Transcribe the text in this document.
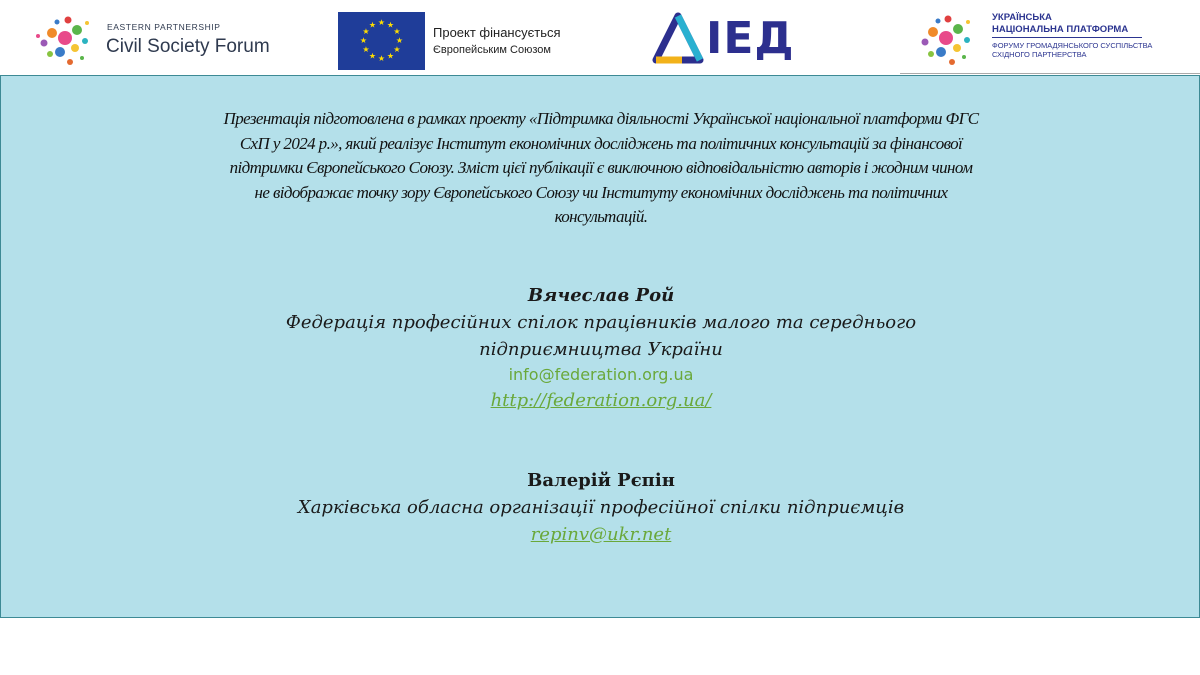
EASTERN PARTNERSHIP
Civil Society Forum
★ ★
★
★
★
★
★
★
★
★
★
★	Проект фінансується
Європейським Союзом	ІЕД	УКРАЇНСЬКА
НАЦІОНАЛЬНА ПЛАТФОРМА
ФОРУМУ ГРОМАДЯНСЬКОГО СУСПІЛЬСТВА
СХІДНОГО ПАРТНЕРСТВА
Презентація підготовлена в рамках проекту «Підтримка діяльності Української національної платформи ФГС СхП у 2024 р.», який реалізує Інститут економічних досліджень та політичних консультацій за фінансової підтримки Європейського Союзу. Зміст цієї публікації є виключною відповідальністю авторів і жодним чином не відображає точку зору Європейського Союзу чи Інституту економічних досліджень та політичних консультацій.
Вячеслав Рой
Федерація професійних спілок працівників малого та середнього
підприємництва України
info@federation.org.ua
http://federation.org.ua/
Валерій Рєпін
Харківська обласна організації професійної спілки підприємців
repinv@ukr.net
